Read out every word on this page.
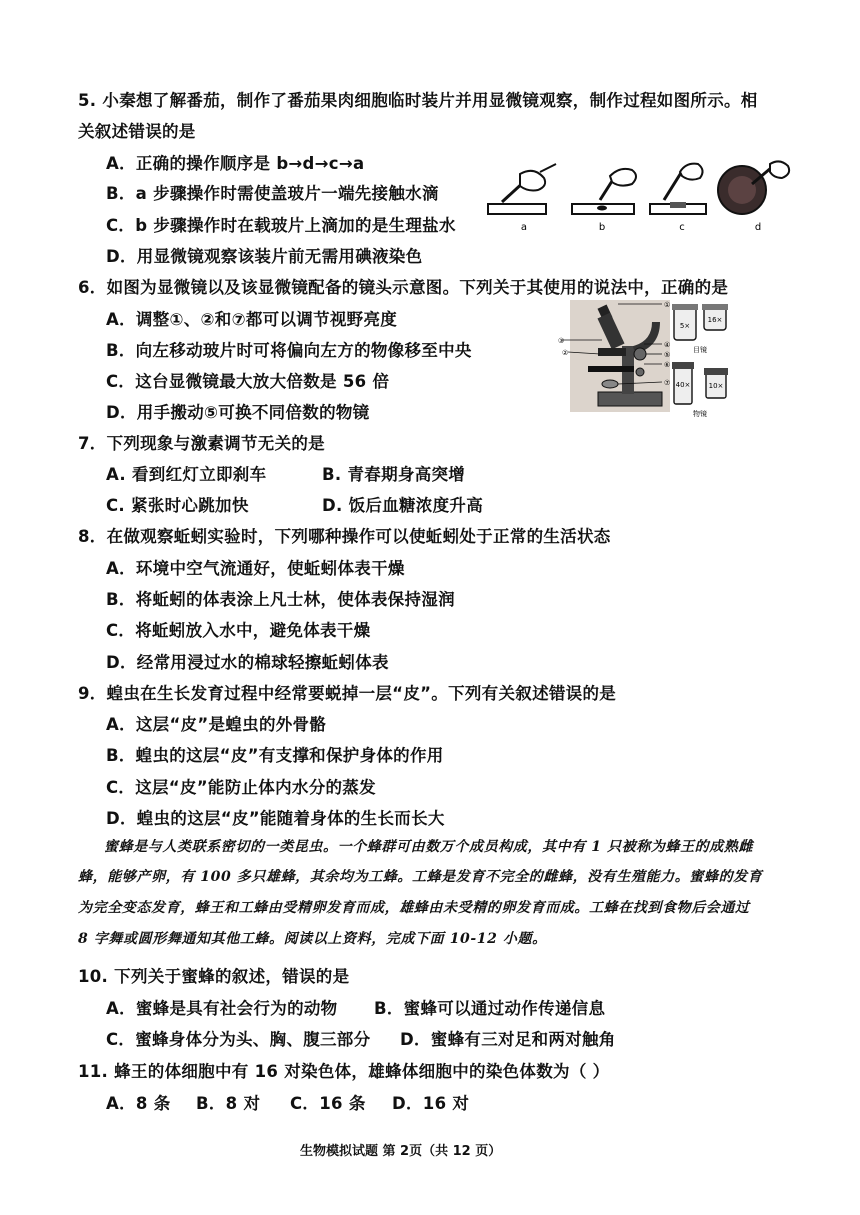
5. 小秦想了解番茄，制作了番茄果肉细胞临时装片并用显微镜观察，制作过程如图所示。相
关叙述错误的是
A．正确的操作顺序是 b→d→c→a
B．a 步骤操作时需使盖玻片一端先接触水滴
C．b 步骤操作时在载玻片上滴加的是生理盐水
D．用显微镜观察该装片前无需用碘液染色
a	b	c	d
6．如图为显微镜以及该显微镜配备的镜头示意图。下列关于其使用的说法中，正确的是
A．调整①、②和⑦都可以调节视野亮度
B．向左移动玻片时可将偏向左方的物像移至中央
C．这台显微镜最大放大倍数是 56 倍
D．用手搬动⑤可换不同倍数的物镜
①
③
②
④
⑤
⑥
⑦
5×
16×
目镜
40×	10×
物镜
7．下列现象与激素调节无关的是
A. 看到红灯立即刹车	B. 青春期身高突增
C. 紧张时心跳加快	D. 饭后血糖浓度升高
8．在做观察蚯蚓实验时，下列哪种操作可以使蚯蚓处于正常的生活状态
A．环境中空气流通好，使蚯蚓体表干燥
B．将蚯蚓的体表涂上凡士林，使体表保持湿润
C．将蚯蚓放入水中，避免体表干燥
D．经常用浸过水的棉球轻擦蚯蚓体表
9．蝗虫在生长发育过程中经常要蜕掉一层“皮”。下列有关叙述错误的是
A．这层“皮”是蝗虫的外骨骼
B．蝗虫的这层“皮”有支撑和保护身体的作用
C．这层“皮”能防止体内水分的蒸发
D．蝗虫的这层“皮”能随着身体的生长而长大
蜜蜂是与人类联系密切的一类昆虫。一个蜂群可由数万个成员构成，其中有 1 只被称为蜂王的成熟雌
蜂，能够产卵，有 100 多只雄蜂，其余均为工蜂。工蜂是发育不完全的雌蜂，没有生殖能力。蜜蜂的发育
为完全变态发育，蜂王和工蜂由受精卵发育而成，雄蜂由未受精的卵发育而成。工蜂在找到食物后会通过
8 字舞或圆形舞通知其他工蜂。阅读以上资料，完成下面 10-12 小题。
10. 下列关于蜜蜂的叙述，错误的是
A．蜜蜂是具有社会行为的动物 B．蜜蜂可以通过动作传递信息
C．蜜蜂身体分为头、胸、腹三部分 D．蜜蜂有三对足和两对触角
11. 蜂王的体细胞中有 16 对染色体，雄蜂体细胞中的染色体数为（ ）
A．8 条 B．8 对 C．16 条 D．16 对
生物模拟试题 第 2页（共 12 页）
